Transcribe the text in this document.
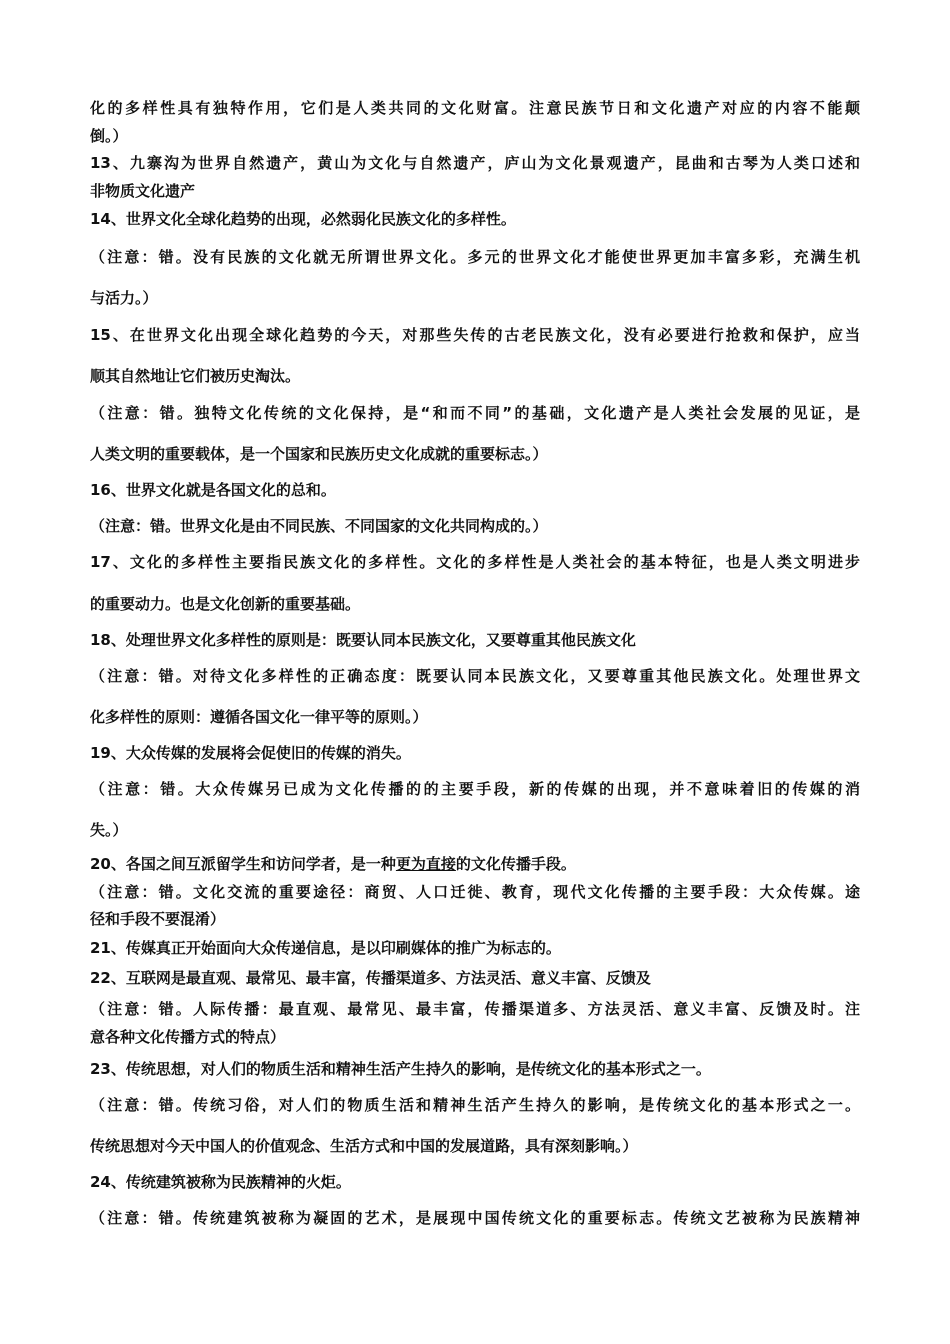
化的多样性具有独特作用，它们是人类共同的文化财富。注意民族节日和文化遗产对应的内容不能颠
倒。）
13、九寨沟为世界自然遗产，黄山为文化与自然遗产，庐山为文化景观遗产，昆曲和古琴为人类口述和
非物质文化遗产
14、世界文化全球化趋势的出现，必然弱化民族文化的多样性。
（注意：错。没有民族的文化就无所谓世界文化。多元的世界文化才能使世界更加丰富多彩，充满生机
与活力。）
15、在世界文化出现全球化趋势的今天，对那些失传的古老民族文化，没有必要进行抢救和保护，应当
顺其自然地让它们被历史淘汰。
（注意：错。独特文化传统的文化保持，是“和而不同”的基础，文化遗产是人类社会发展的见证，是
人类文明的重要载体，是一个国家和民族历史文化成就的重要标志。）
16、世界文化就是各国文化的总和。
（注意：错。世界文化是由不同民族、不同国家的文化共同构成的。）
17、文化的多样性主要指民族文化的多样性。文化的多样性是人类社会的基本特征，也是人类文明进步
的重要动力。也是文化创新的重要基础。
18、处理世界文化多样性的原则是：既要认同本民族文化，又要尊重其他民族文化
（注意：错。对待文化多样性的正确态度：既要认同本民族文化，又要尊重其他民族文化。处理世界文
化多样性的原则：遵循各国文化一律平等的原则。）
19、大众传媒的发展将会促使旧的传媒的消失。
（注意：错。大众传媒另已成为文化传播的的主要手段，新的传媒的出现，并不意味着旧的传媒的消
失。）
20、各国之间互派留学生和访问学者，是一种更为直接的文化传播手段。
（注意：错。文化交流的重要途径：商贸、人口迁徙、教育，现代文化传播的主要手段：大众传媒。途
径和手段不要混淆）
21、传媒真正开始面向大众传递信息，是以印刷媒体的推广为标志的。
22、互联网是最直观、最常见、最丰富，传播渠道多、方法灵活、意义丰富、反馈及
（注意：错。人际传播：最直观、最常见、最丰富，传播渠道多、方法灵活、意义丰富、反馈及时。注
意各种文化传播方式的特点）
23、传统思想，对人们的物质生活和精神生活产生持久的影响，是传统文化的基本形式之一。
（注意：错。传统习俗，对人们的物质生活和精神生活产生持久的影响，是传统文化的基本形式之一。
传统思想对今天中国人的价值观念、生活方式和中国的发展道路，具有深刻影响。）
24、传统建筑被称为民族精神的火炬。
（注意：错。传统建筑被称为凝固的艺术，是展现中国传统文化的重要标志。传统文艺被称为民族精神
